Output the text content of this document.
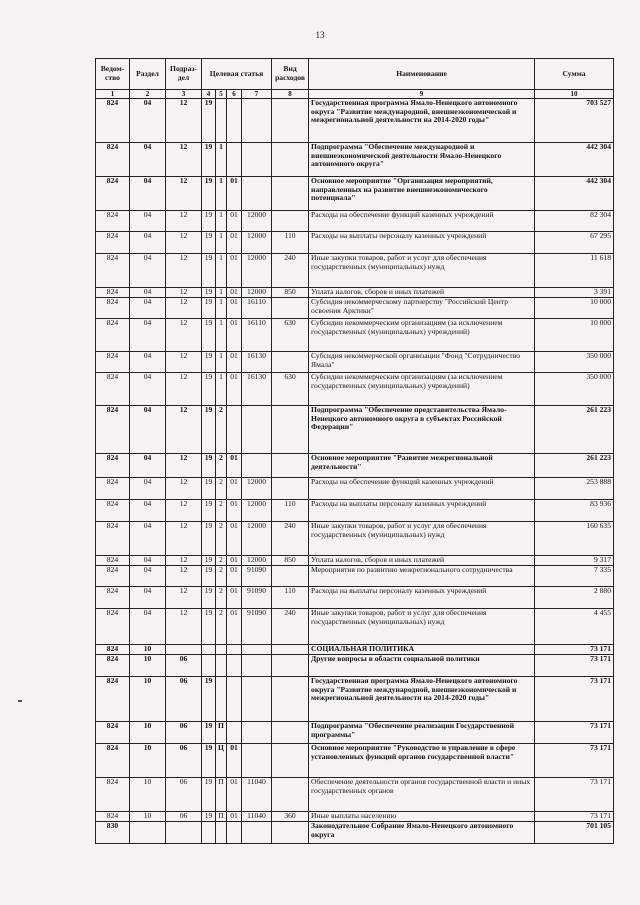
13
Ведом-ство	Раздел	Подраз-дел	Целевая статья				Вид расходов	Наименование	Сумма
1	2	3	4	5	6	7	8	9	10
824	04	12	19					Государственная программа Ямало-Ненецкого автономного округа "Развитие международной, внешнеэкономической и межрегиональной деятельности на 2014-2020 годы"	703 527
824	04	12	19	1				Подпрограмма "Обеспечение международной и внешнеэкономической деятельности Ямало-Ненецкого автономного округа"	442 304
824	04	12	19	1	01			Основное мероприятие "Организация мероприятий, направленных на развитие внешнеэкономического потенциала"	442 304
824	04	12	19	1	01	12000		Расходы на обеспечение функций казенных учреждений	82 304
824	04	12	19	1	01	12000	110	Расходы на выплаты персоналу казенных учреждений	67 295
824	04	12	19	1	01	12000	240	Иные закупки товаров, работ и услуг для обеспечения государственных (муниципальных) нужд	11 618
824	04	12	19	1	01	12000	850	Уплата налогов, сборов и иных платежей	3 391
824	04	12	19	1	01	16110		Субсидия некоммерческому партнерству "Российский Центр освоения Арктики"	10 000
824	04	12	19	1	01	16110	630	Субсидии некоммерческим организациям (за исключением государственных (муниципальных) учреждений)	10 000
824	04	12	19	1	01	16130		Субсидия некоммерческой организации "Фонд "Сотрудничество Ямала"	350 000
824	04	12	19	1	01	16130	630	Субсидии некоммерческим организациям (за исключением государственных (муниципальных) учреждений)	350 000
824	04	12	19	2				Подпрограмма "Обеспечение представительства Ямало-Ненецкого автономного округа в субъектах Российской Федерации"	261 223
824	04	12	19	2	01			Основное мероприятие "Развитие межрегиональной деятельности"	261 223
824	04	12	19	2	01	12000		Расходы на обеспечение функций казенных учреждений	253 888
824	04	12	19	2	01	12000	110	Расходы на выплаты персоналу казенных учреждений	83 936
824	04	12	19	2	01	12000	240	Иные закупки товаров, работ и услуг для обеспечения государственных (муниципальных) нужд	160 635
824	04	12	19	2	01	12000	850	Уплата налогов, сборов и иных платежей	9 317
824	04	12	19	2	01	91090		Мероприятия по развитию межрегионального сотрудничества	7 335
824	04	12	19	2	01	91090	110	Расходы на выплаты персоналу казенных учреждений	2 880
824	04	12	19	2	01	91090	240	Иные закупки товаров, работ и услуг для обеспечения государственных (муниципальных) нужд	4 455
824	10							СОЦИАЛЬНАЯ ПОЛИТИКА	73 171
824	10	06						Другие вопросы в области социальной политики	73 171
824	10	06	19					Государственная программа Ямало-Ненецкого автономного округа "Развитие международной, внешнеэкономической и межрегиональной деятельности на 2014-2020 годы"	73 171
824	10	06	19	П				Подпрограмма "Обеспечение реализации Государственной программы"	73 171
824	10	06	19	Ц	01			Основное мероприятие "Руководство и управление в сфере установленных функций органов государственной власти"	73 171
824	10	06	19	П	01	11040		Обеспечение деятельности органов государственной власти и иных государственных органов	73 171
824	10	06	19	П	01	11040	360	Иные выплаты населению	73 171
830								Законодательное Собрание Ямало-Ненецкого автономного округа	701 105
